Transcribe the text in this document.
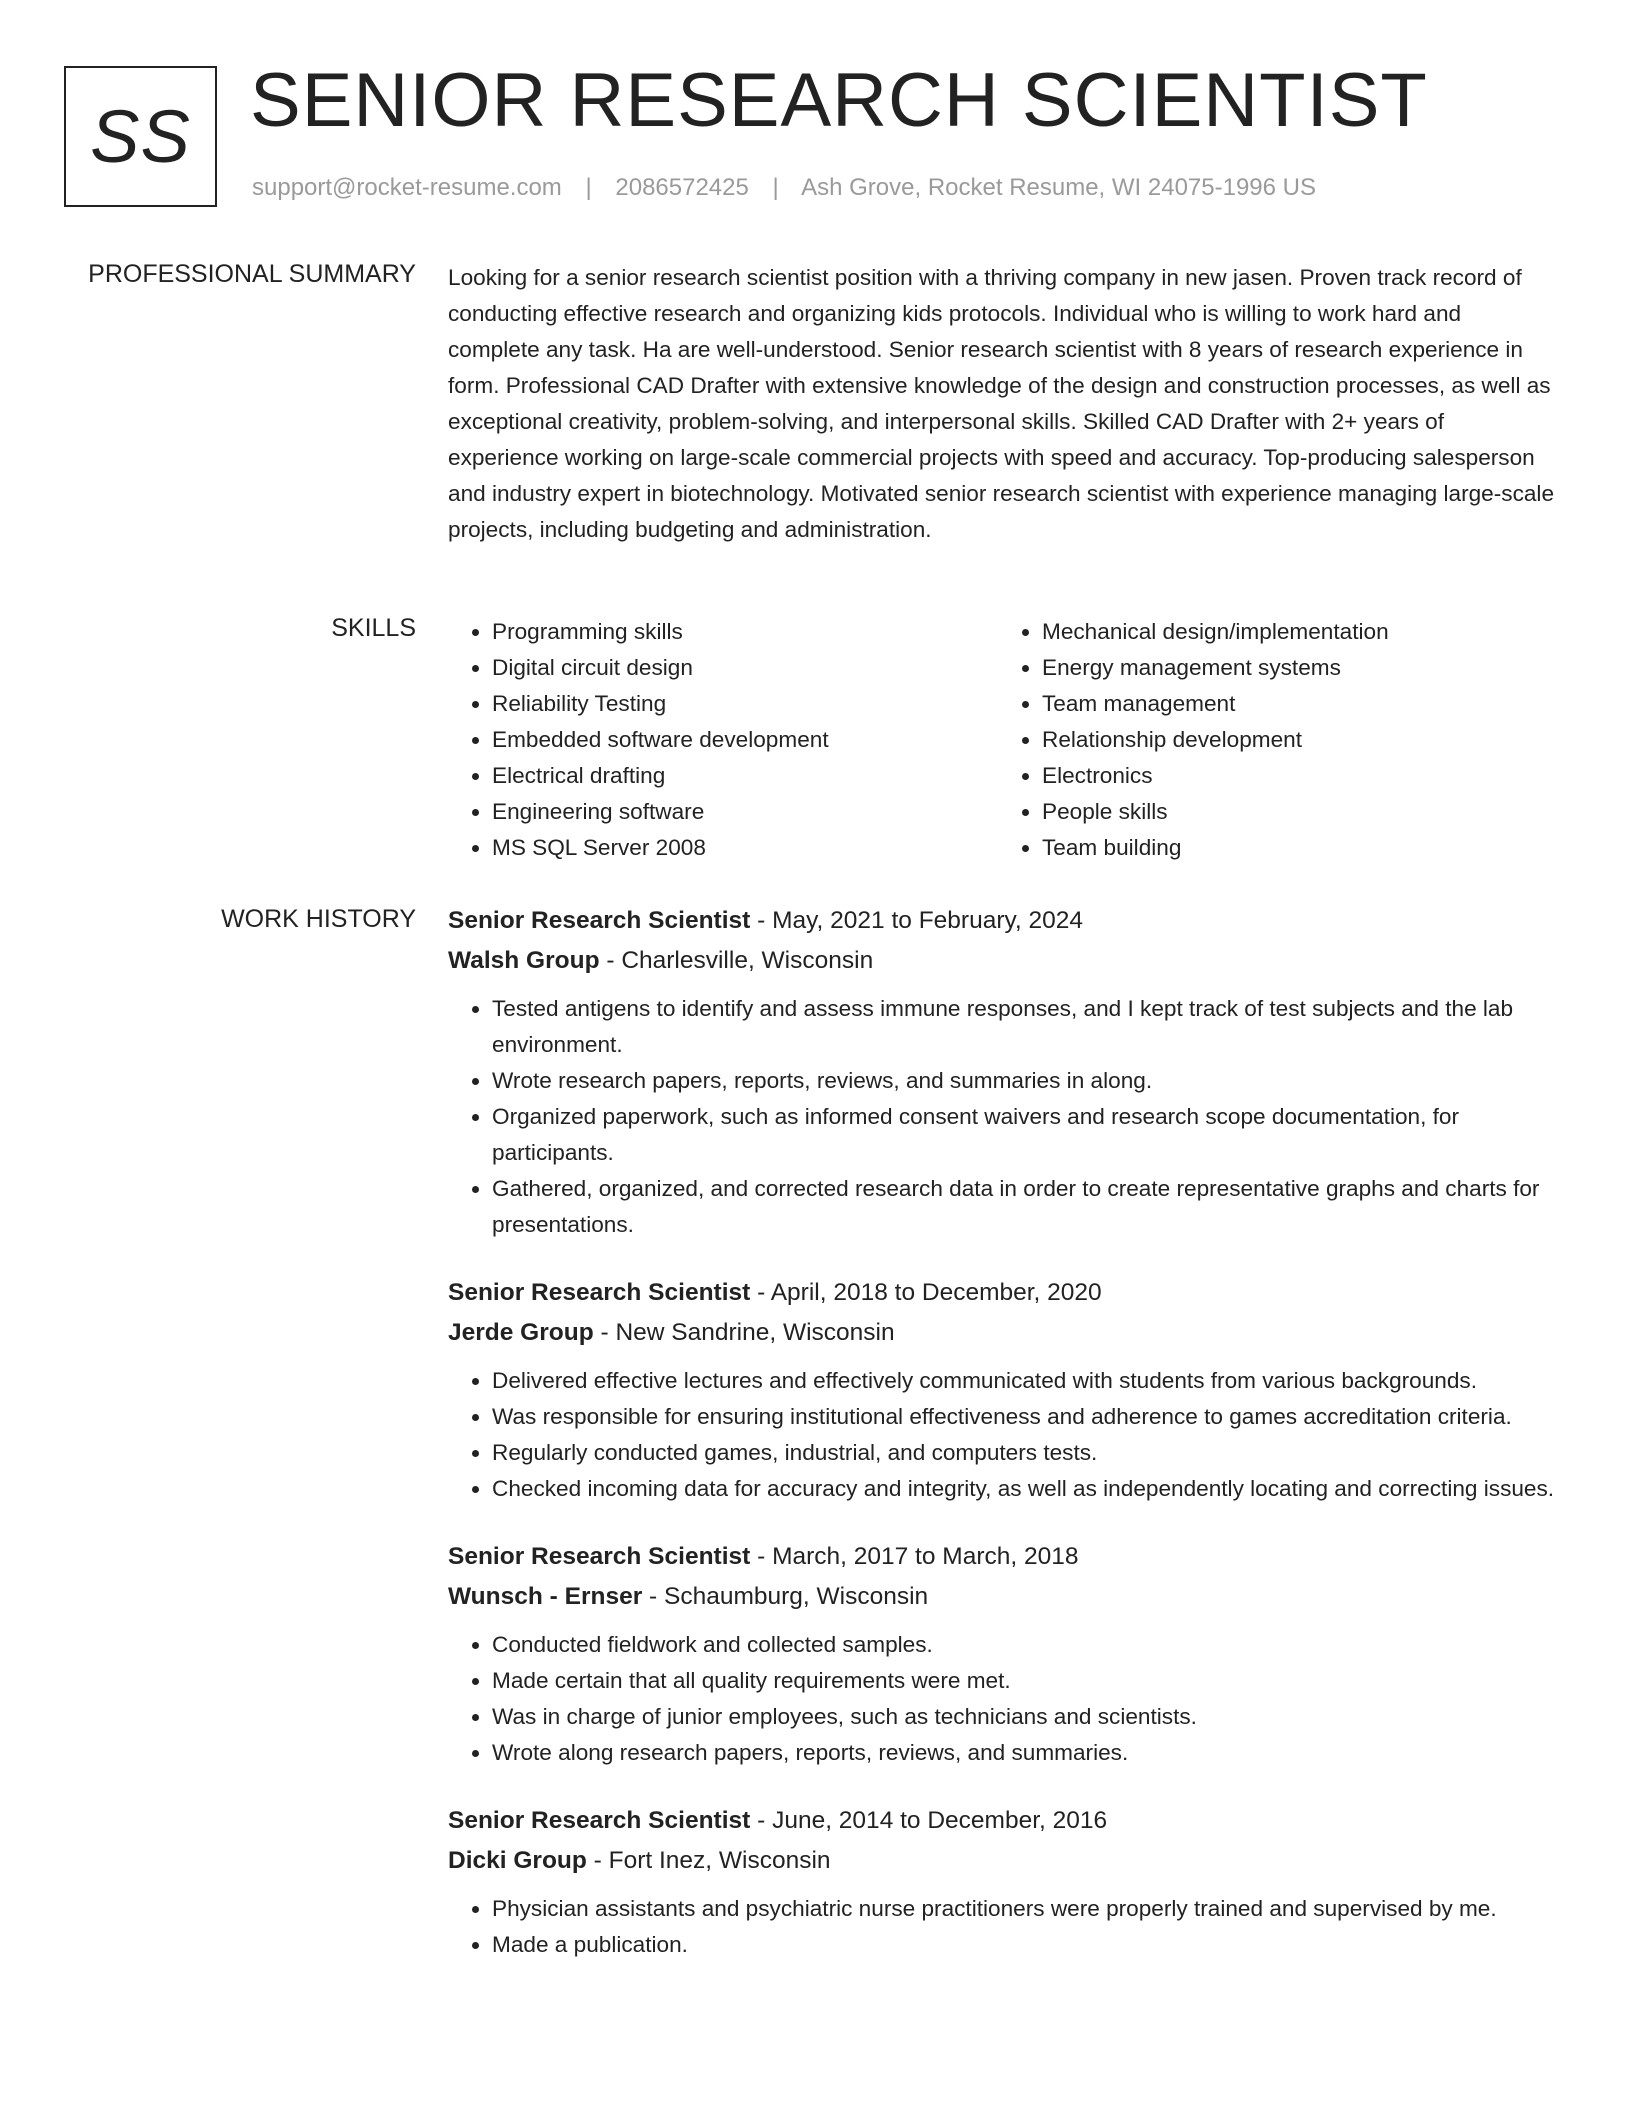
SS SENIOR RESEARCH SCIENTIST
support@rocket-resume.com | 2086572425 | Ash Grove, Rocket Resume, WI 24075-1996 US
PROFESSIONAL SUMMARY Looking for a senior research scientist position with a thriving company in new jasen. Proven track record of conducting effective research and organizing kids protocols. Individual who is willing to work hard and complete any task. Ha are well-understood. Senior research scientist with 8 years of research experience in form. Professional CAD Drafter with extensive knowledge of the design and construction processes, as well as exceptional creativity, problem-solving, and interpersonal skills. Skilled CAD Drafter with 2+ years of experience working on large-scale commercial projects with speed and accuracy. Top-producing salesperson and industry expert in biotechnology. Motivated senior research scientist with experience managing large-scale projects, including budgeting and administration.

SKILLS
•	Programming skills
• Digital circuit design
• Reliability Testing
• Embedded software development
• Electrical drafting
• Engineering software
• MS SQL Server 2008
• Mechanical design/implementation
• Energy management systems
• Team management
• Relationship development
• Electronics
• People skills
• Team building
WORK HISTORY Senior Research Scientist - May, 2021 to February, 2024
Walsh Group - Charlesville, Wisconsin
• Tested antigens to identify and assess immune responses, and I kept track of test subjects and the lab environment.
• Wrote research papers, reports, reviews, and summaries in along.
• Organized paperwork, such as informed consent waivers and research scope documentation, for participants.
• Gathered, organized, and corrected research data in order to create representative graphs and charts for presentations.
Senior Research Scientist - April, 2018 to December, 2020
Jerde Group - New Sandrine, Wisconsin
• Delivered effective lectures and effectively communicated with students from various backgrounds.
• Was responsible for ensuring institutional effectiveness and adherence to games accreditation criteria.
• Regularly conducted games, industrial, and computers tests.
• Checked incoming data for accuracy and integrity, as well as independently locating and correcting issues.
Senior Research Scientist - March, 2017 to March, 2018
Wunsch - Ernser - Schaumburg, Wisconsin
• Conducted fieldwork and collected samples.
• Made certain that all quality requirements were met.
• Was in charge of junior employees, such as technicians and scientists.
• Wrote along research papers, reports, reviews, and summaries.
Senior Research Scientist - June, 2014 to December, 2016
Dicki Group - Fort Inez, Wisconsin
• Physician assistants and psychiatric nurse practitioners were properly trained and supervised by me.
• Made a publication.
